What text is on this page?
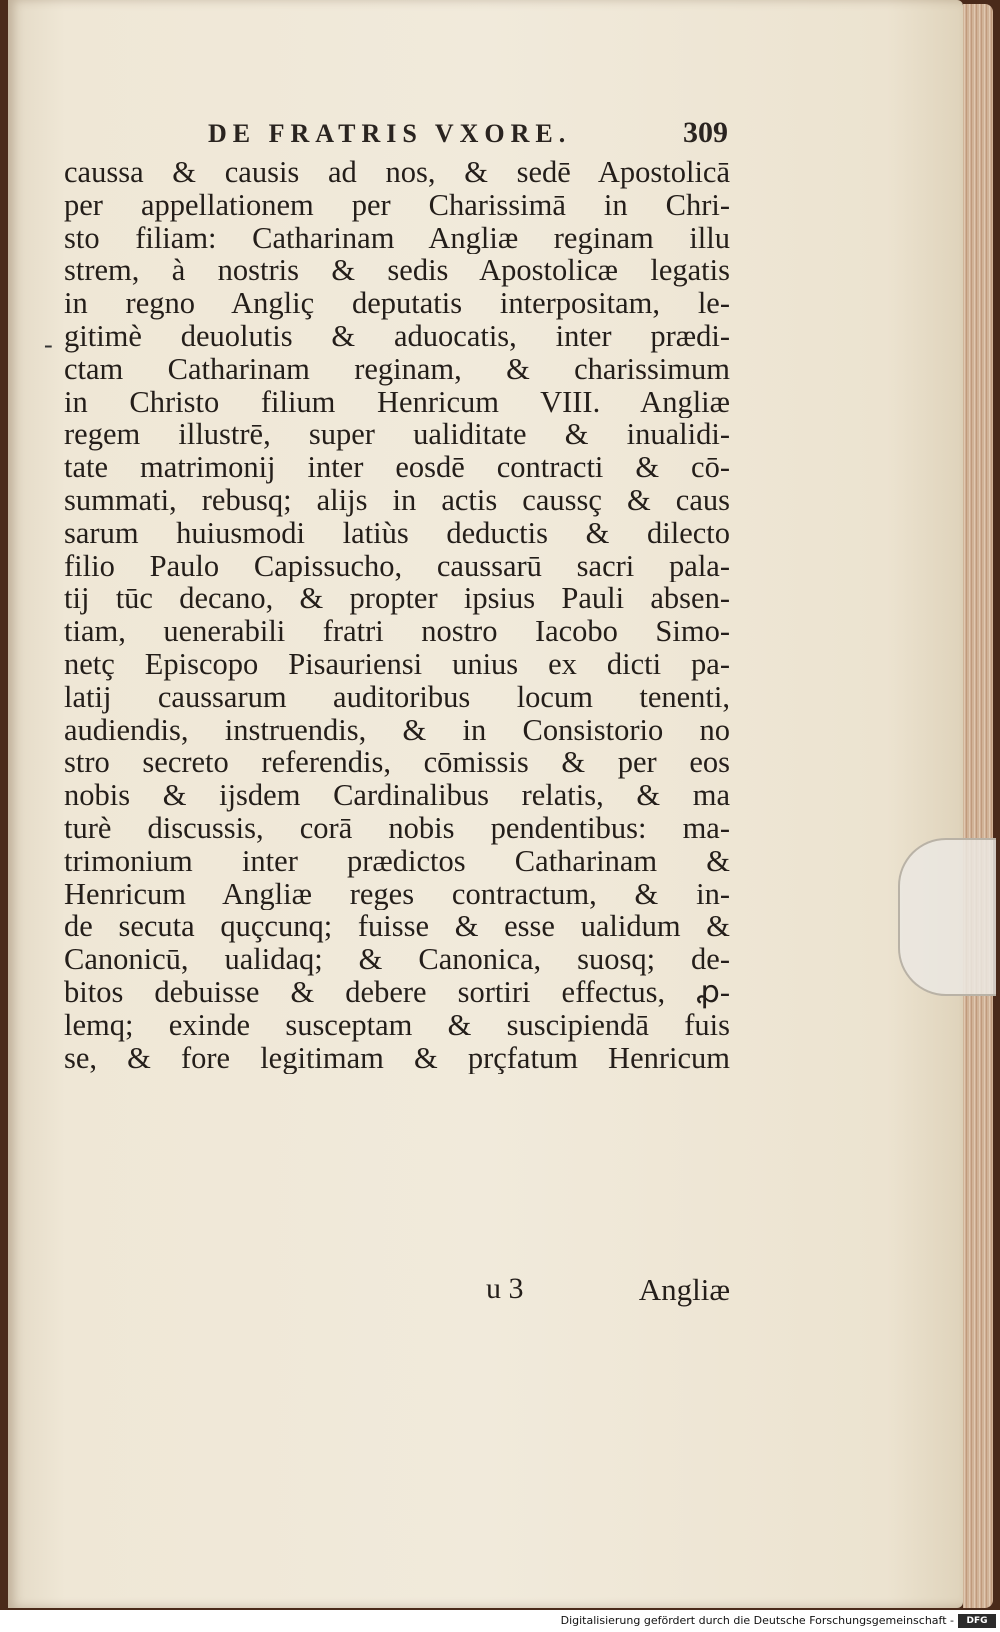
DE FRATRIS VXORE.	309
-
caussa & causis ad nos, & sedē Apostolicā
per appellationem per Charissimā in Chri-
sto filiam: Catharinam Angliæ reginam illu
strem, à nostris & sedis Apostolicæ legatis
in regno Angliç deputatis interpositam, le-
gitimè deuolutis & aduocatis, inter prædi-
ctam Catharinam reginam, & charissimum
in Christo filium Henricum VIII. Angliæ
regem illustrē, super ualiditate & inualidi-
tate matrimonij inter eosdē contracti & cō-
summati, rebusq; alijs in actis caussç & caus
sarum huiusmodi latiùs deductis & dilecto
filio Paulo Capissucho, caussarū sacri pala-
tij tūc decano, & propter ipsius Pauli absen-
tiam, uenerabili fratri nostro Iacobo Simo-
netç Episcopo Pisauriensi unius ex dicti pa-
latij caussarum auditoribus locum tenenti,
audiendis, instruendis, & in Consistorio no
stro secreto referendis, cōmissis & per eos
nobis & ijsdem Cardinalibus relatis, & ma
turè discussis, corā nobis pendentibus: ma-
trimonium inter prædictos Catharinam &
Henricum Angliæ reges contractum, & in-
de secuta quçcunq; fuisse & esse ualidum &
Canonicū, ualidaq; & Canonica, suosq; de-
bitos debuisse & debere sortiri effectus, ꝓ-
lemq; exinde susceptam & suscipiendā fuis
se, & fore legitimam & prçfatum Henricum
u 3	Angliæ
Digitalisierung gefördert durch die Deutsche Forschungsgemeinschaft -	DFG
